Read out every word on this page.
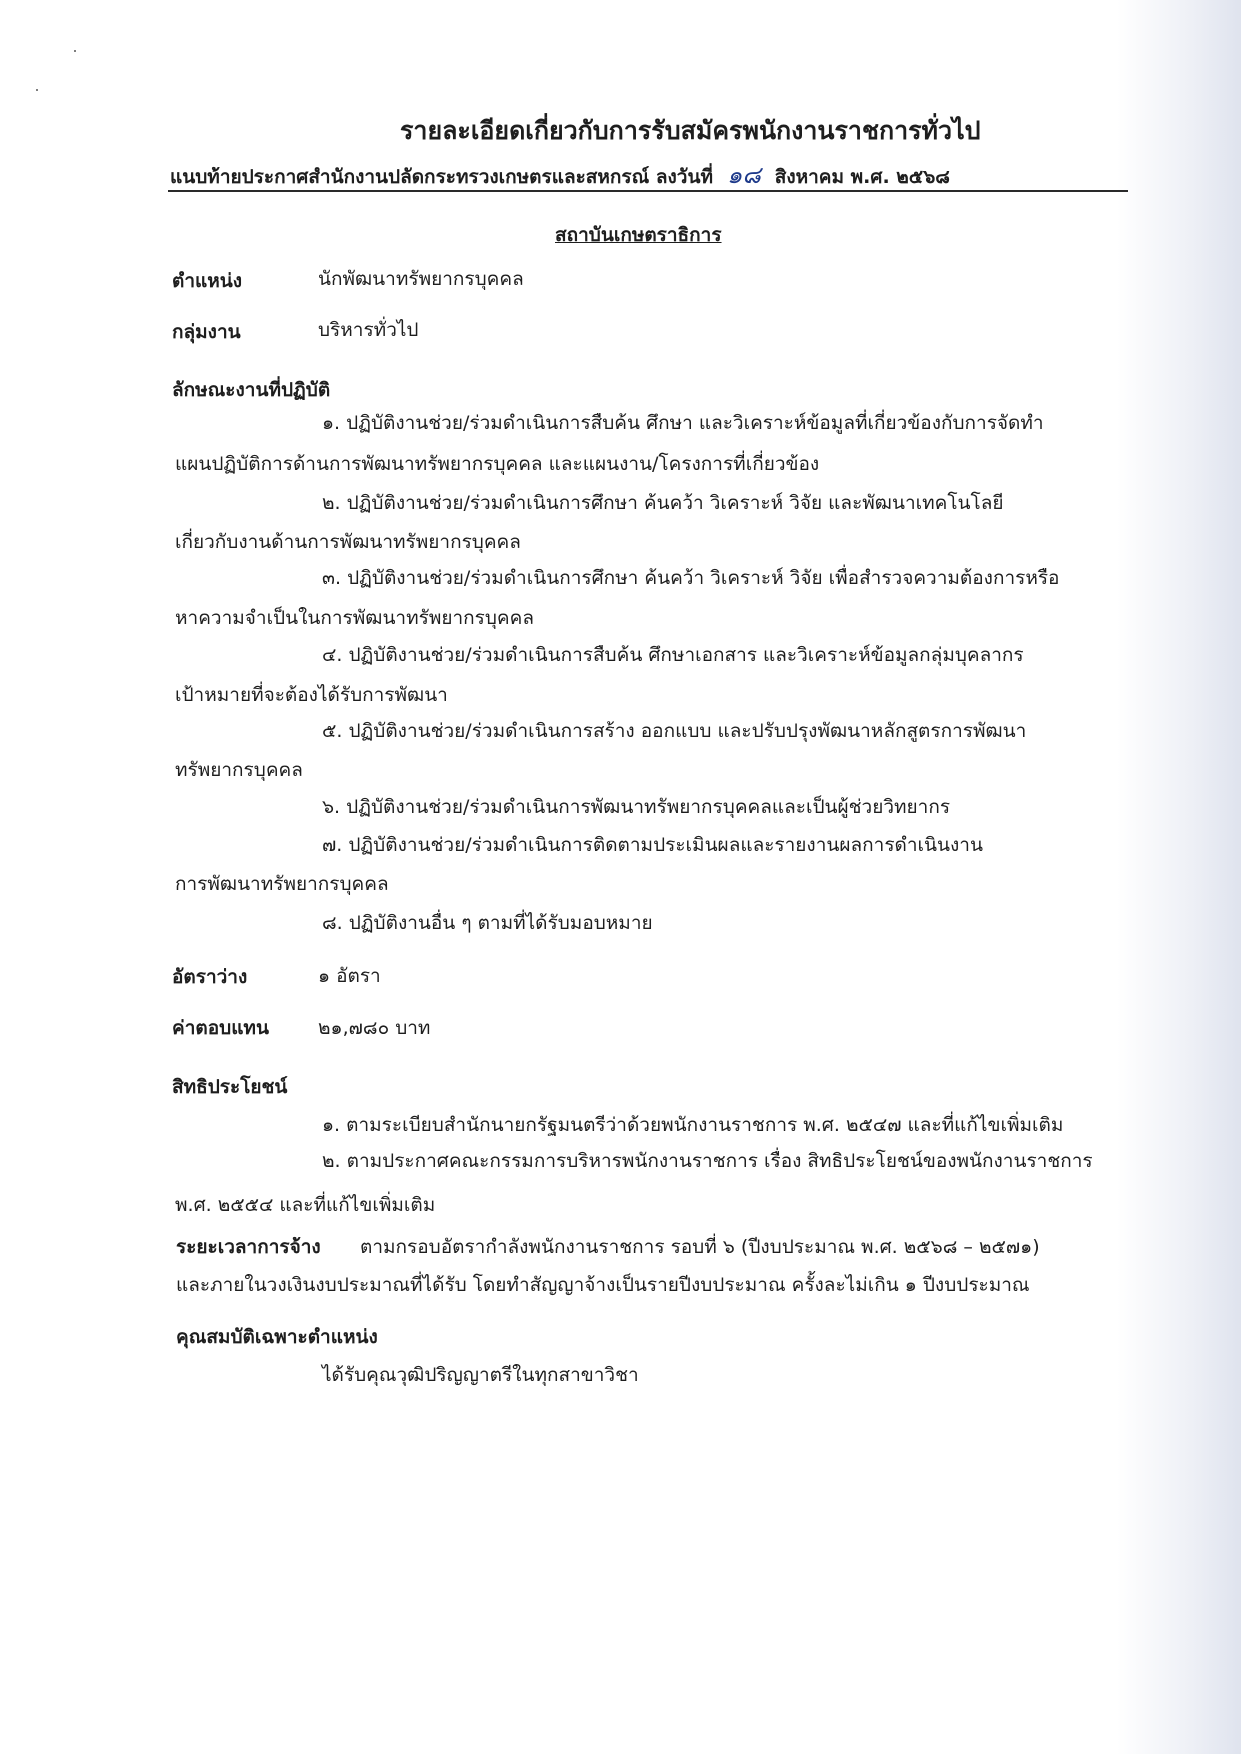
รายละเอียดเกี่ยวกับการรับสมัครพนักงานราชการทั่วไป
แนบท้ายประกาศสำนักงานปลัดกระทรวงเกษตรและสหกรณ์ ลงวันที่ ๑๘ สิงหาคม พ.ศ. ๒๕๖๘
สถาบันเกษตราธิการ
ตำแหน่ง	นักพัฒนาทรัพยากรบุคคล
กลุ่มงาน	บริหารทั่วไป
ลักษณะงานที่ปฏิบัติ
๑. ปฏิบัติงานช่วย/ร่วมดำเนินการสืบค้น ศึกษา และวิเคราะห์ข้อมูลที่เกี่ยวข้องกับการจัดทำ
แผนปฏิบัติการด้านการพัฒนาทรัพยากรบุคคล และแผนงาน/โครงการที่เกี่ยวข้อง
๒. ปฏิบัติงานช่วย/ร่วมดำเนินการศึกษา ค้นคว้า วิเคราะห์ วิจัย และพัฒนาเทคโนโลยี
เกี่ยวกับงานด้านการพัฒนาทรัพยากรบุคคล
๓. ปฏิบัติงานช่วย/ร่วมดำเนินการศึกษา ค้นคว้า วิเคราะห์ วิจัย เพื่อสำรวจความต้องการหรือ
หาความจำเป็นในการพัฒนาทรัพยากรบุคคล
๔. ปฏิบัติงานช่วย/ร่วมดำเนินการสืบค้น ศึกษาเอกสาร และวิเคราะห์ข้อมูลกลุ่มบุคลากร
เป้าหมายที่จะต้องได้รับการพัฒนา
๕. ปฏิบัติงานช่วย/ร่วมดำเนินการสร้าง ออกแบบ และปรับปรุงพัฒนาหลักสูตรการพัฒนา
ทรัพยากรบุคคล
๖. ปฏิบัติงานช่วย/ร่วมดำเนินการพัฒนาทรัพยากรบุคคลและเป็นผู้ช่วยวิทยากร
๗. ปฏิบัติงานช่วย/ร่วมดำเนินการติดตามประเมินผลและรายงานผลการดำเนินงาน
การพัฒนาทรัพยากรบุคคล
๘. ปฏิบัติงานอื่น ๆ ตามที่ได้รับมอบหมาย
อัตราว่าง	๑ อัตรา
ค่าตอบแทน	๒๑,๗๘๐ บาท
สิทธิประโยชน์
๑. ตามระเบียบสำนักนายกรัฐมนตรีว่าด้วยพนักงานราชการ พ.ศ. ๒๕๔๗ และที่แก้ไขเพิ่มเติม
๒. ตามประกาศคณะกรรมการบริหารพนักงานราชการ เรื่อง สิทธิประโยชน์ของพนักงานราชการ
พ.ศ. ๒๕๕๔ และที่แก้ไขเพิ่มเติม
ระยะเวลาการจ้าง ตามกรอบอัตรากำลังพนักงานราชการ รอบที่ ๖ (ปีงบประมาณ พ.ศ. ๒๕๖๘ – ๒๕๗๑)
และภายในวงเงินงบประมาณที่ได้รับ โดยทำสัญญาจ้างเป็นรายปีงบประมาณ ครั้งละไม่เกิน ๑ ปีงบประมาณ
คุณสมบัติเฉพาะตำแหน่ง
ได้รับคุณวุฒิปริญญาตรีในทุกสาขาวิชา
